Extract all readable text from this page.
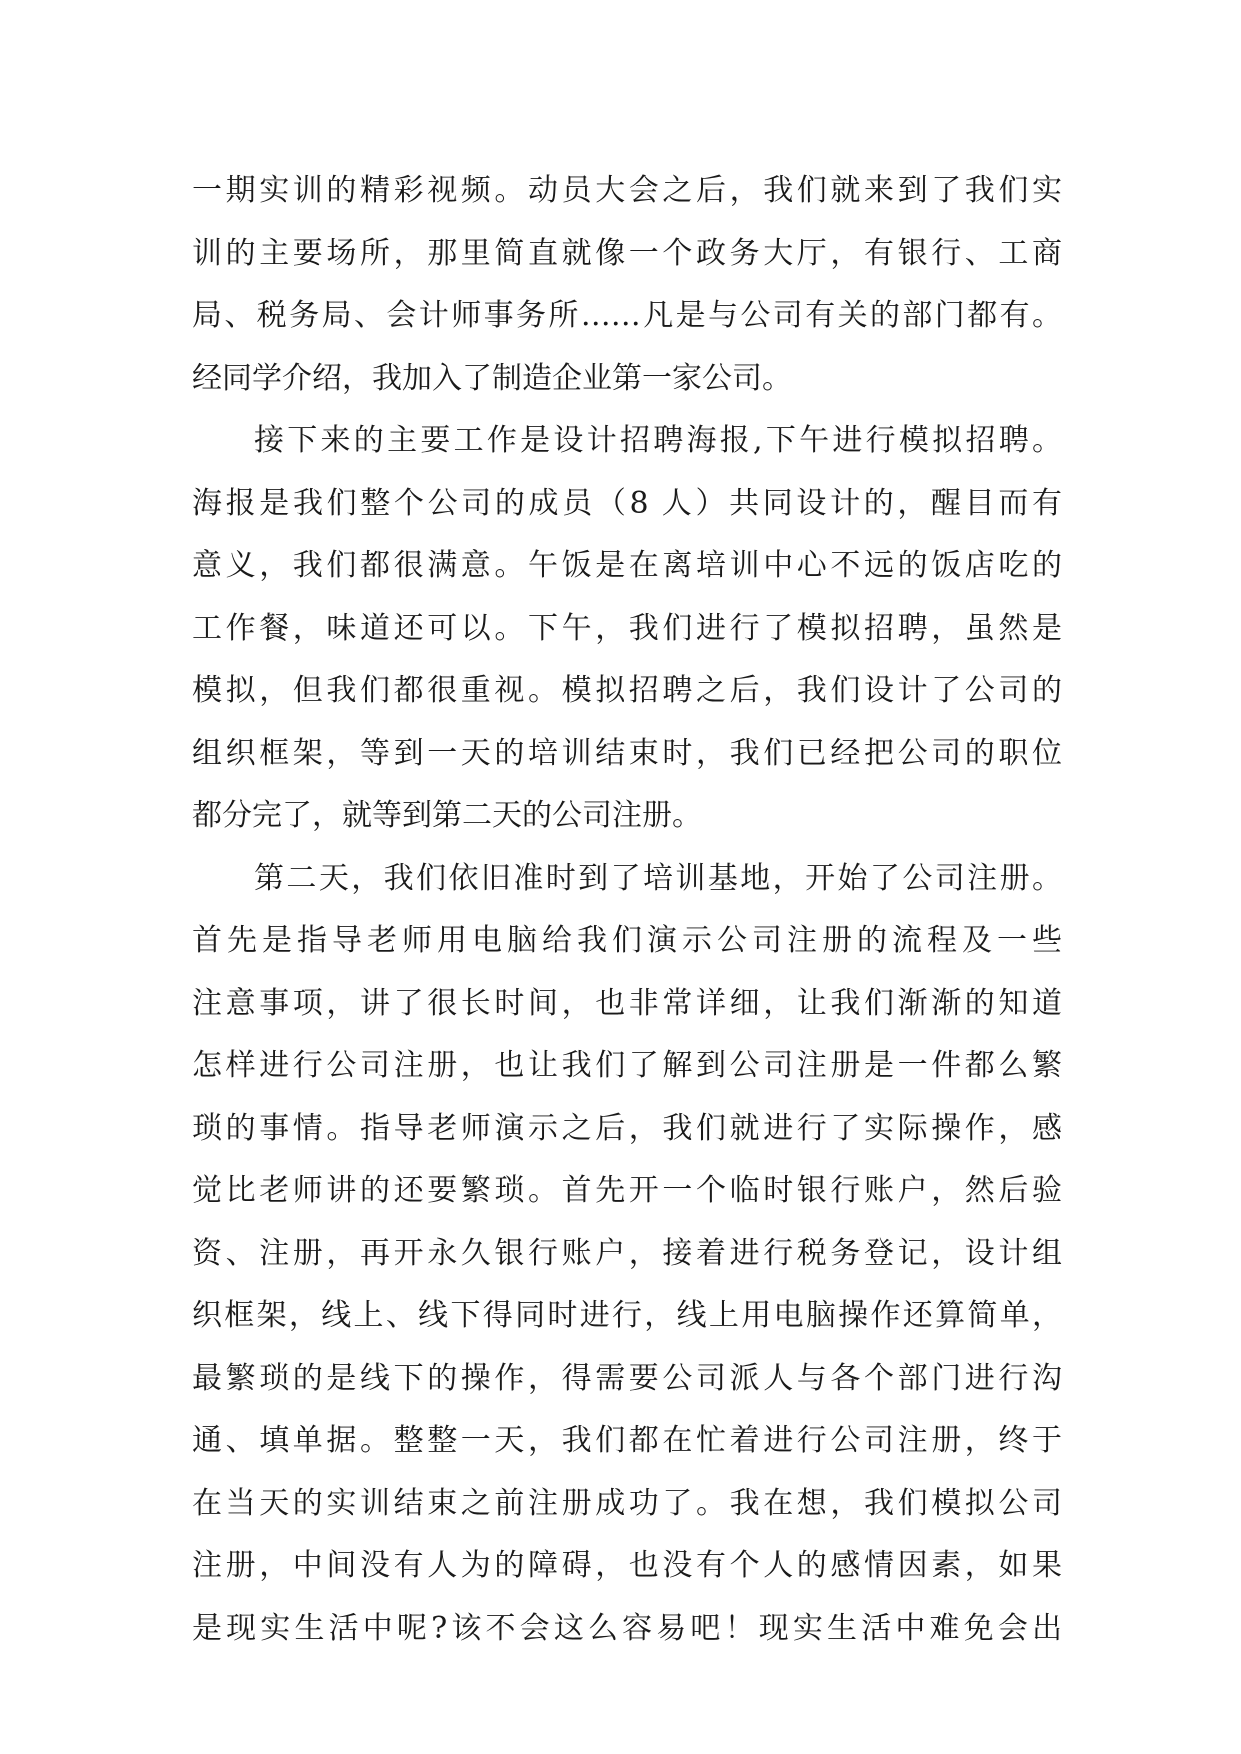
一期实训的精彩视频。动员大会之后，我们就来到了我们实
训的主要场所，那里简直就像一个政务大厅，有银行、工商
局、税务局、会计师事务所……凡是与公司有关的部门都有。
经同学介绍，我加入了制造企业第一家公司。
接下来的主要工作是设计招聘海报,下午进行模拟招聘。
海报是我们整个公司的成员（8 人）共同设计的，醒目而有
意义，我们都很满意。午饭是在离培训中心不远的饭店吃的
工作餐，味道还可以。下午，我们进行了模拟招聘，虽然是
模拟，但我们都很重视。模拟招聘之后，我们设计了公司的
组织框架，等到一天的培训结束时，我们已经把公司的职位
都分完了，就等到第二天的公司注册。
第二天，我们依旧准时到了培训基地，开始了公司注册。
首先是指导老师用电脑给我们演示公司注册的流程及一些
注意事项，讲了很长时间，也非常详细，让我们渐渐的知道
怎样进行公司注册，也让我们了解到公司注册是一件都么繁
琐的事情。指导老师演示之后，我们就进行了实际操作，感
觉比老师讲的还要繁琐。首先开一个临时银行账户，然后验
资、注册，再开永久银行账户，接着进行税务登记，设计组
织框架，线上、线下得同时进行，线上用电脑操作还算简单，
最繁琐的是线下的操作，得需要公司派人与各个部门进行沟
通、填单据。整整一天，我们都在忙着进行公司注册，终于
在当天的实训结束之前注册成功了。我在想，我们模拟公司
注册，中间没有人为的障碍，也没有个人的感情因素，如果
是现实生活中呢?该不会这么容易吧！现实生活中难免会出
